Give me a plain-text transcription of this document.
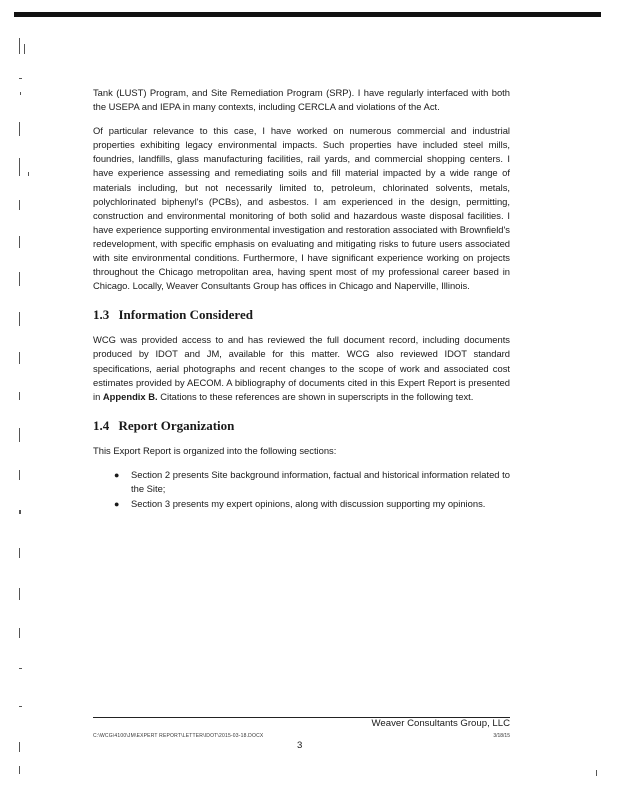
Tank (LUST) Program, and Site Remediation Program (SRP). I have regularly interfaced with both the USEPA and IEPA in many contexts, including CERCLA and violations of the Act.

Of particular relevance to this case, I have worked on numerous commercial and industrial properties exhibiting legacy environmental impacts. Such properties have included steel mills, foundries, landfills, glass manufacturing facilities, rail yards, and commercial shopping centers. I have experience assessing and remediating soils and fill material impacted by a wide range of materials including, but not necessarily limited to, petroleum, chlorinated solvents, metals, polychlorinated biphenyl's (PCBs), and asbestos. I am experienced in the design, permitting, construction and environmental monitoring of both solid and hazardous waste disposal facilities. I have experience supporting environmental investigation and restoration associated with Brownfield's redevelopment, with specific emphasis on evaluating and mitigating risks to future users associated with site environmental conditions. Furthermore, I have significant experience working on projects throughout the Chicago metropolitan area, having spent most of my professional career based in Chicago. Locally, Weaver Consultants Group has offices in Chicago and Naperville, Illinois.

1.3 Information Considered

WCG was provided access to and has reviewed the full document record, including documents produced by IDOT and JM, available for this matter. WCG also reviewed IDOT standard specifications, aerial photographs and recent changes to the scope of work and associated cost estimates provided by AECOM. A bibliography of documents cited in this Expert Report is presented in Appendix B. Citations to these references are shown in superscripts in the following text.

1.4 Report Organization

This Export Report is organized into the following sections:

● Section 2 presents Site background information, factual and historical information related to the Site;
● Section 3 presents my expert opinions, along with discussion supporting my opinions.
Weaver Consultants Group, LLC
C:\WCG\4100\JM\EXPERT REPORT\LETTER\IDOT\2015-03-18.DOCX	3/18/15
3
